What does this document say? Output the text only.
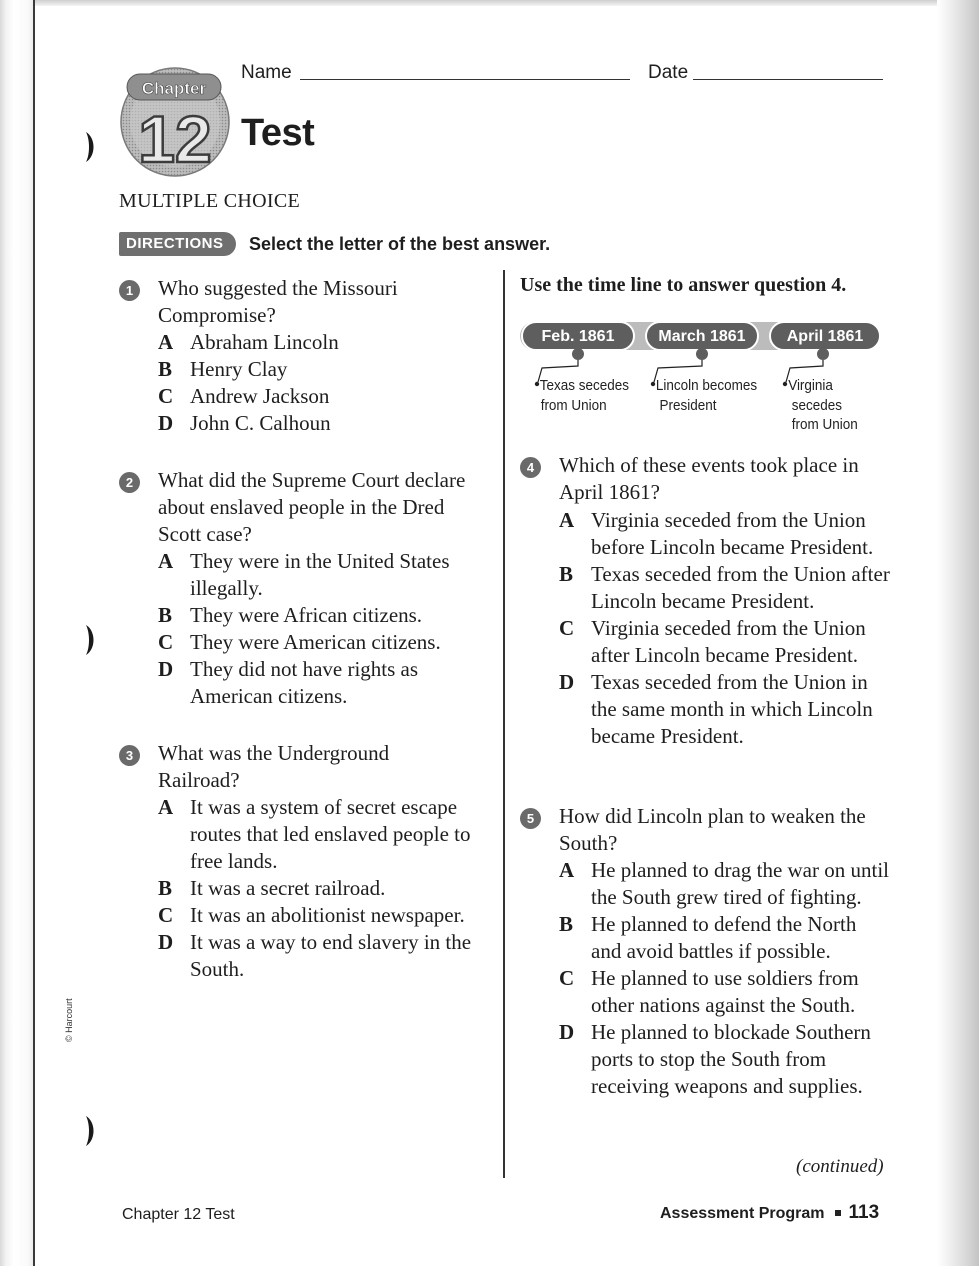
© Harcourt
Chapter
12
Name	Date
Test
MULTIPLE CHOICE
DIRECTIONS	Select the letter of the best answer.
1	Who suggested the Missouri Compromise?
A Abraham Lincoln
B Henry Clay
C Andrew Jackson
D John C. Calhoun
2	What did the Supreme Court declare about enslaved people in the Dred Scott case?
A They were in the United States illegally.
B They were African citizens.
C They were American citizens.
D They did not have rights as American citizens.
3	What was the Underground Railroad?
A It was a system of secret escape routes that led enslaved people to free lands.
B It was a secret railroad.
C It was an abolitionist newspaper.
D It was a way to end slavery in the South.
Use the time line to answer question 4.
Feb. 1861	March 1861	April 1861
Texas secedes
from Union
Lincoln becomes
President
Virginia
secedes
from Union
4	Which of these events took place in April 1861?
A Virginia seceded from the Union before Lincoln became President.
B Texas seceded from the Union after Lincoln became President.
C Virginia seceded from the Union after Lincoln became President.
D Texas seceded from the Union in the same month in which Lincoln became President.
5	How did Lincoln plan to weaken the South?
A He planned to drag the war on until the South grew tired of fighting.
B He planned to defend the North and avoid battles if possible.
C He planned to use soldiers from other nations against the South.
D He planned to blockade Southern ports to stop the South from receiving weapons and supplies.
(continued)
Chapter 12 Test	Assessment Program 113
